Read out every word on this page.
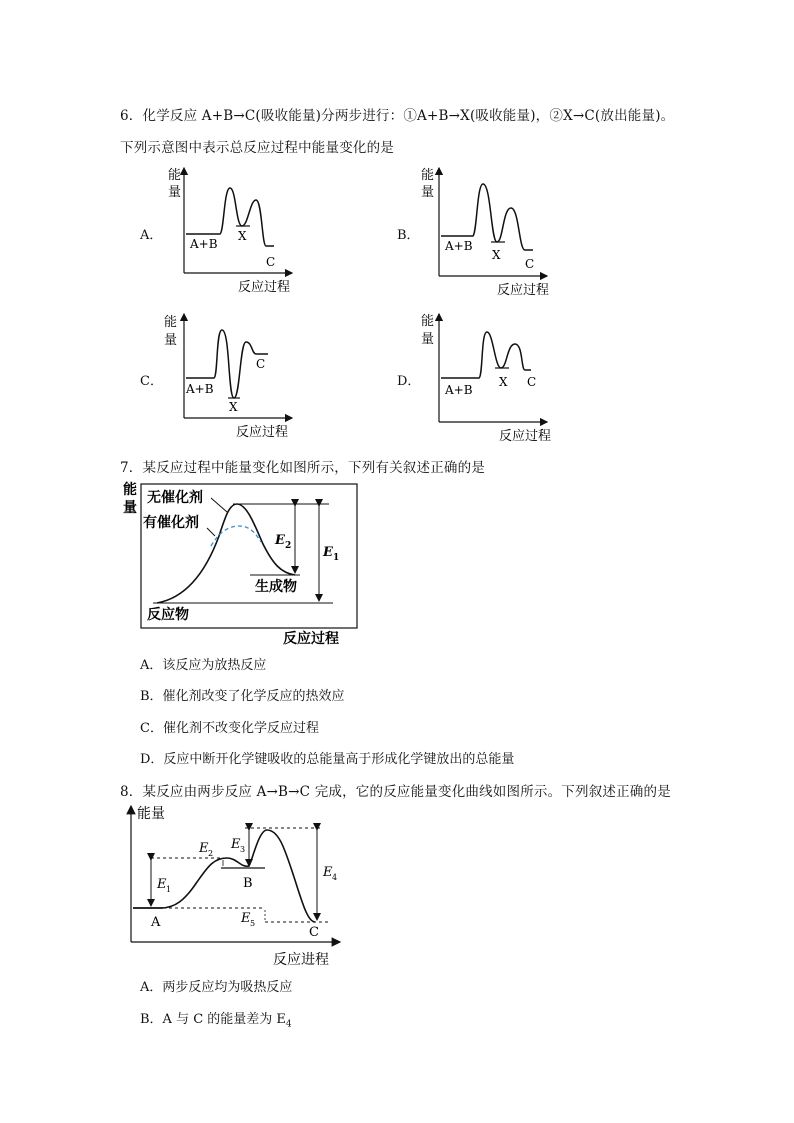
6．化学反应 A+B→C(吸收能量)分两步进行：①A+B→X(吸收能量)，②X→C(放出能量)。
下列示意图中表示总反应过程中能量变化的是
A．	B．
C．	D．
能
量
A+B
X
C
反应过程
能
量
A+B
X
C
反应过程
能
量
A+B
X
C
反应过程
能
量
A+B
X C
反应过程
7．某反应过程中能量变化如图所示，下列有关叙述正确的是
能
量
无催化剂
有催化剂
E 2 E 1
生成物
反应物
反应过程
A．该反应为放热反应
B．催化剂改变了化学反应的热效应
C．催化剂不改变化学反应过程
D．反应中断开化学键吸收的总能量高于形成化学键放出的总能量
8．某反应由两步反应 A→B→C 完成，它的反应能量变化曲线如图所示。下列叙述正确的是
能量
反应进程
E 1
E 2
E 3
E 4
E 5
A
B
C
A．两步反应均为吸热反应
B．A 与 C 的能量差为 $E_4$
